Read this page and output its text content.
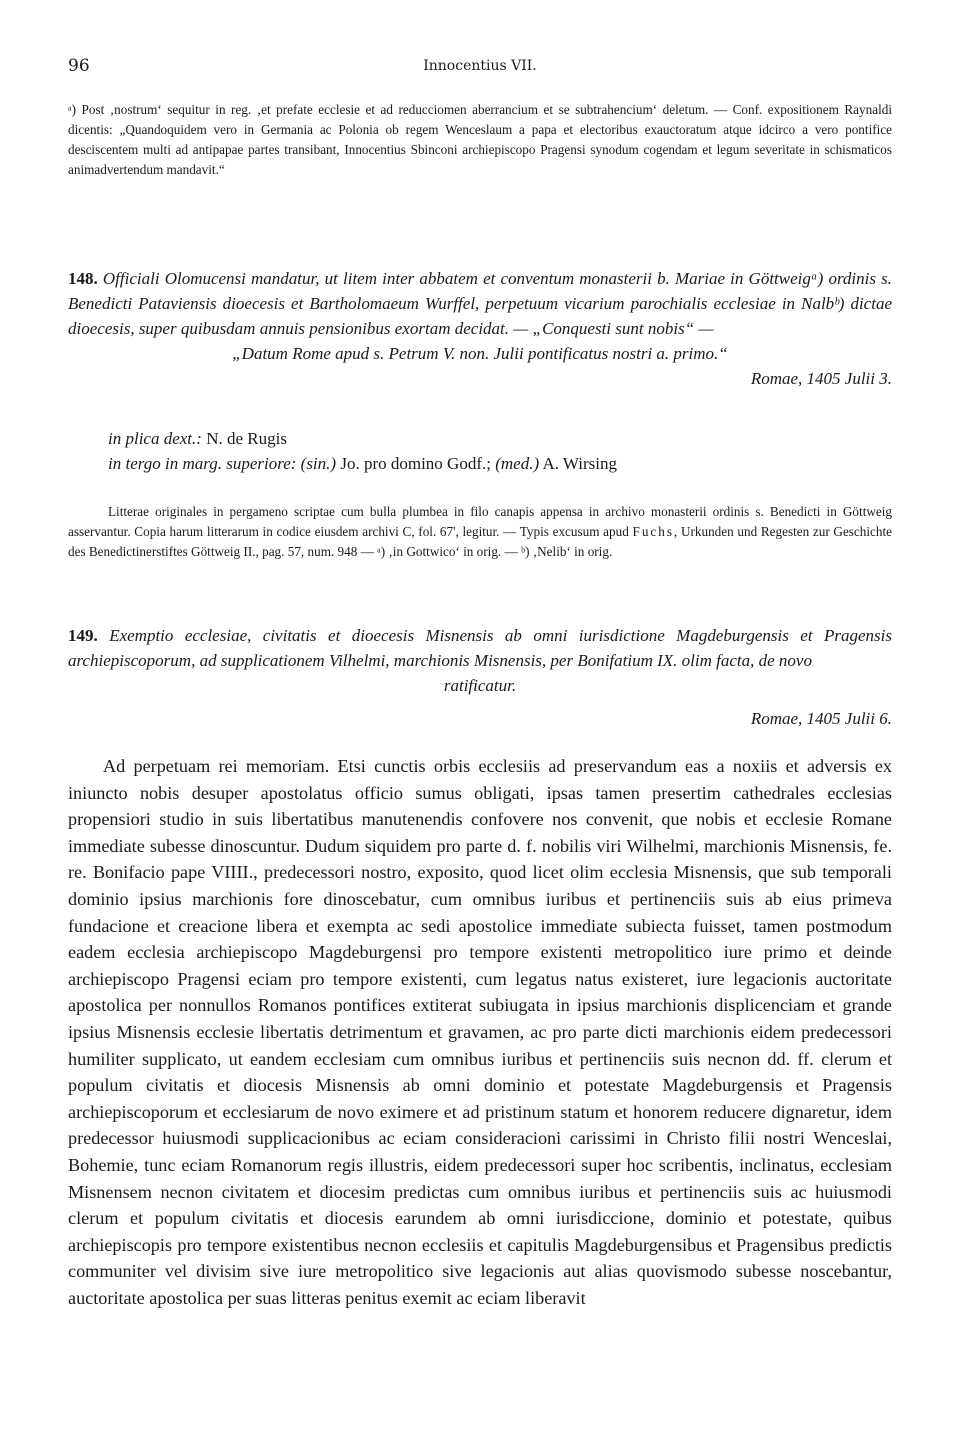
96	Innocentius VII.
ᵃ) Post ‚nostrum‘ sequitur in reg. ‚et prefate ecclesie et ad reducciomen aberrancium et se subtrahencium‘ deletum. — Conf. expositionem Raynaldi dicentis: „Quandoquidem vero in Germania ac Polonia ob regem Wenceslaum a papa et electoribus exauctoratum atque idcirco a vero pontifice desciscentem multi ad antipapae partes transibant, Innocentius Sbinconi archiepiscopo Pragensi synodum cogendam et legum severitate in schismaticos animadvertendum mandavit.“
148. Officiali Olomucensi mandatur, ut litem inter abbatem et conventum monasterii b. Mariae in Göttweigᵃ) ordinis s. Benedicti Pataviensis dioecesis et Bartholomaeum Wurffel, perpetuum vicarium parochialis ecclesiae in Nalbᵇ) dictae dioecesis, super quibusdam annuis pensionibus exortam decidat. — „Conquesti sunt nobis“ —
„Datum Rome apud s. Petrum V. non. Julii pontificatus nostri a. primo.“
Romae, 1405 Julii 3.
in plica dext.: N. de Rugis
in tergo in marg. superiore: (sin.) Jo. pro domino Godf.; (med.) A. Wirsing
Litterae originales in pergameno scriptae cum bulla plumbea in filo canapis appensa in archivo monasterii ordinis s. Benedicti in Göttweig asservantur. Copia harum litterarum in codice eiusdem archivi C, fol. 67', legitur. — Typis excusum apud Fuchs, Urkunden und Regesten zur Geschichte des Benedictinerstiftes Göttweig II., pag. 57, num. 948 — ᵃ) ‚in Gottwico‘ in orig. — ᵇ) ‚Nelib‘ in orig.
149. Exemptio ecclesiae, civitatis et dioecesis Misnensis ab omni iurisdictione Magdeburgensis et Pragensis archiepiscoporum, ad supplicationem Vilhelmi, marchionis Misnensis, per Bonifatium IX. olim facta, de novo
ratificatur.
Romae, 1405 Julii 6.

Ad perpetuam rei memoriam. Etsi cunctis orbis ecclesiis ad preservandum eas a noxiis et adversis ex iniuncto nobis desuper apostolatus officio sumus obligati, ipsas tamen presertim cathedrales ecclesias propensiori studio in suis libertatibus manutenendis confovere nos convenit, que nobis et ecclesie Romane immediate subesse dinoscuntur. Dudum siquidem pro parte d. f. nobilis viri Wilhelmi, marchionis Misnensis, fe. re. Bonifacio pape VIIII., predecessori nostro, exposito, quod licet olim ecclesia Misnensis, que sub temporali dominio ipsius marchionis fore dinoscebatur, cum omnibus iuribus et pertinenciis suis ab eius primeva fundacione et creacione libera et exempta ac sedi apostolice immediate subiecta fuisset, tamen postmodum eadem ecclesia archiepiscopo Magdeburgensi pro tempore existenti metropolitico iure primo et deinde archiepiscopo Pragensi eciam pro tempore existenti, cum legatus natus existeret, iure legacionis auctoritate apostolica per nonnullos Romanos pontifices extiterat subiugata in ipsius marchionis displicenciam et grande ipsius Misnensis ecclesie libertatis detrimentum et gravamen, ac pro parte dicti marchionis eidem predecessori humiliter supplicato, ut eandem ecclesiam cum omnibus iuribus et pertinenciis suis necnon dd. ff. clerum et populum civitatis et diocesis Misnensis ab omni dominio et potestate Magdeburgensis et Pragensis archiepiscoporum et ecclesiarum de novo eximere et ad pristinum statum et honorem reducere dignaretur, idem predecessor huiusmodi supplicacionibus ac eciam consideracioni carissimi in Christo filii nostri Wenceslai, Bohemie, tunc eciam Romanorum regis illustris, eidem predecessori super hoc scribentis, inclinatus, ecclesiam Misnensem necnon civitatem et diocesim predictas cum omnibus iuribus et pertinenciis suis ac huiusmodi clerum et populum civitatis et diocesis earundem ab omni iurisdiccione, dominio et potestate, quibus archiepiscopis pro tempore existentibus necnon ecclesiis et capitulis Magdeburgensibus et Pragensibus predictis communiter vel divisim sive iure metropolitico sive legacionis aut alias quovismodo subesse noscebantur, auctoritate apostolica per suas litteras penitus exemit ac eciam liberavit
